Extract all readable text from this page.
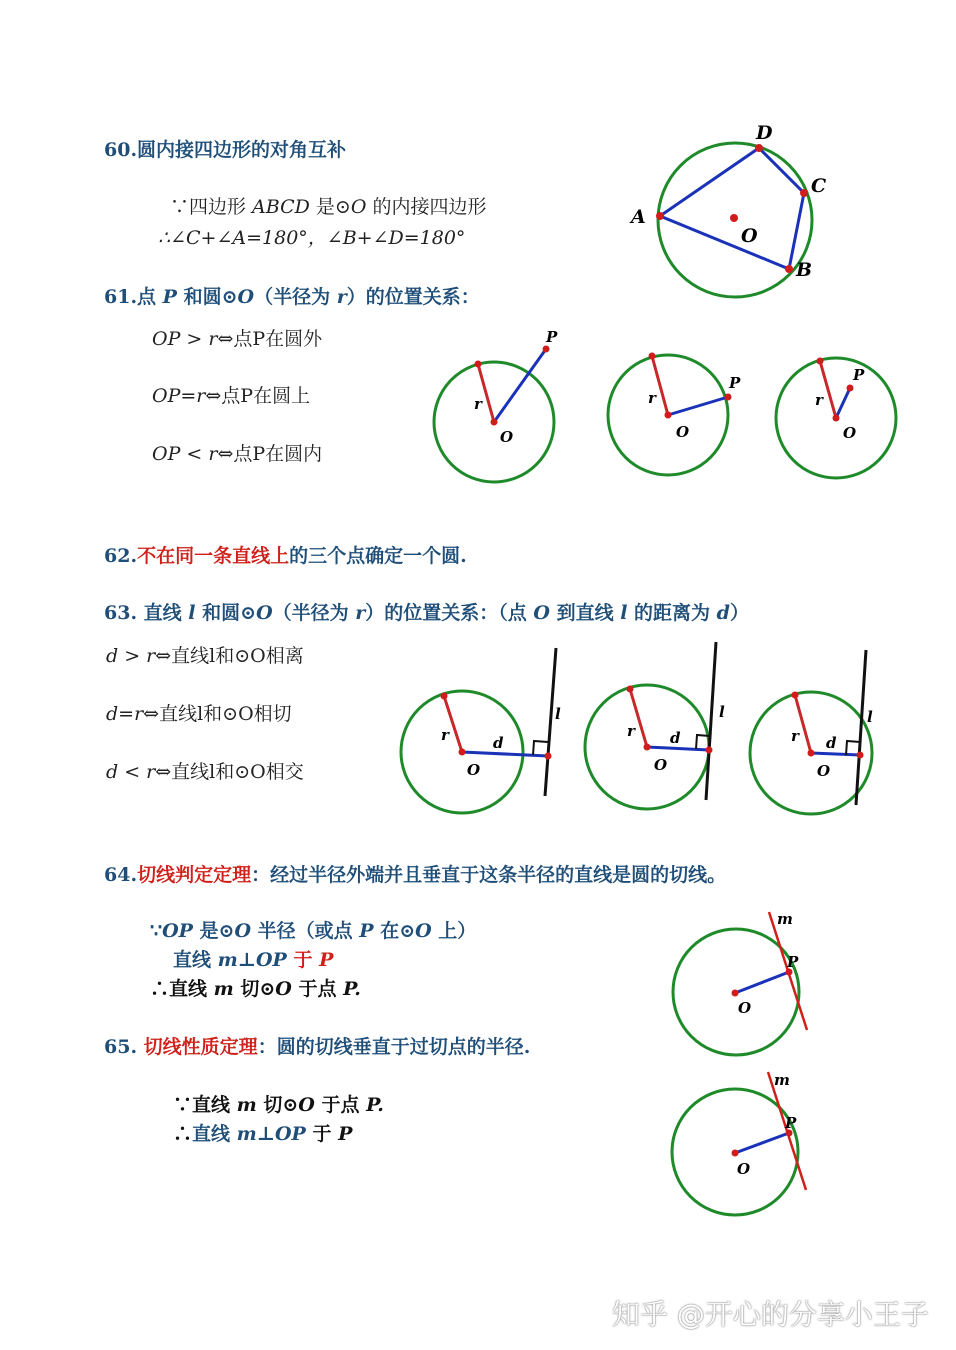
60.圆内接四边形的对角互补
∵四边形 ABCD 是⊙O 的内接四边形
∴∠C+∠A=180°，∠B+∠D=180°
61.点 P 和圆⊙O（半径为 r）的位置关系：
OP > r⇔点P在圆外
OP=r⇔点P在圆上
OP < r⇔点P在圆内
62.不在同一条直线上的三个点确定一个圆.
63. 直线 l 和圆⊙O（半径为 r）的位置关系：（点 O 到直线 l 的距离为 d）
d > r⇔直线l和⊙O相离
d=r⇔直线l和⊙O相切
d < r⇔直线l和⊙O相交
64.切线判定定理：经过半径外端并且垂直于这条半径的直线是圆的切线。
∵OP 是⊙O 半径（或点 P 在⊙O 上）
直线 m⊥OP 于 P
∴直线 m 切⊙O 于点 P.
65. 切线性质定理：圆的切线垂直于过切点的半径.
∵直线 m 切⊙O 于点 P.
∴直线 m⊥OP 于 P
A
D
C
B
O
r
O
P
r
O
P
r
O
P
r	d
O
l
r d
O
l
r d
O
l
m
P
O
m
P
O
知乎 @开心的分享小王子
